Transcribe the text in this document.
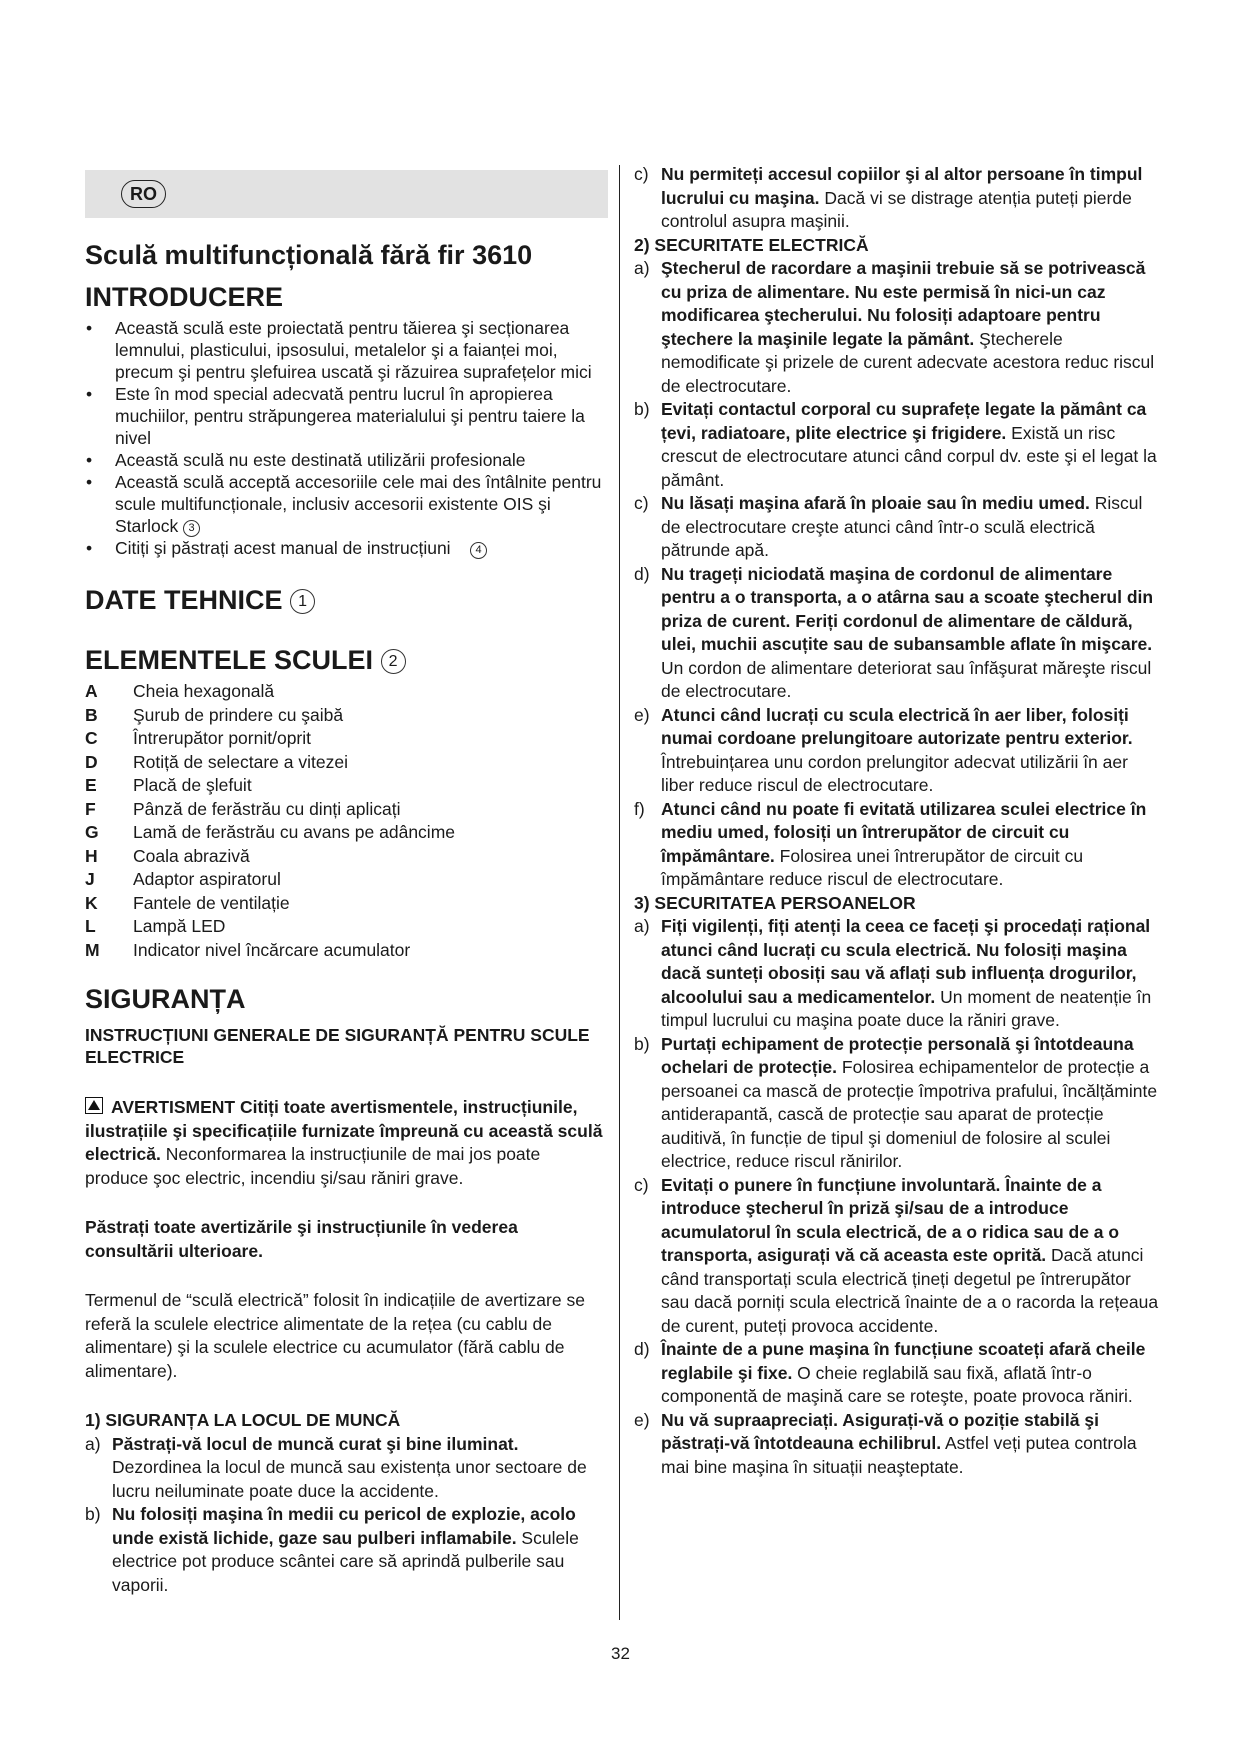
RO
Sculă multifuncțională fără fir 3610
INTRODUCERE
• Această sculă este proiectată pentru tăierea şi secționarea lemnului, plasticului, ipsosului, metalelor şi a faianței moi, precum şi pentru şlefuirea uscată şi răzuirea suprafețelor mici
• Este în mod special adecvată pentru lucrul în apropierea muchiilor, pentru străpungerea materialului şi pentru taiere la nivel
• Această sculă nu este destinată utilizării profesionale
• Această sculă acceptă accesoriile cele mai des întâlnite pentru scule multifuncționale, inclusiv accesorii existente OIS şi Starlock 3
• Citiți şi păstrați acest manual de instrucțiuni 4
DATE TEHNICE 1
ELEMENTELE SCULEI 2
A	Cheia hexagonală
B	Şurub de prindere cu şaibă
C	Întrerupător pornit/oprit
D	Rotiță de selectare a vitezei
E	Placă de şlefuit
F	Pânză de ferăstrău cu dinți aplicați
G	Lamă de ferăstrău cu avans pe adâncime
H	Coala abrazivă
J	Adaptor aspiratorul
K	Fantele de ventilație
L	Lampă LED
M	Indicator nivel încărcare acumulator
SIGURANȚA
INSTRUCȚIUNI GENERALE DE SIGURANȚĂ PENTRU SCULE ELECTRICE

AVERTISMENT Citiți toate avertismentele, instrucțiunile, ilustrațiile şi specificațiile furnizate împreună cu această sculă electrică. Neconformarea la instrucțiunile de mai jos poate produce şoc electric, incendiu şi/sau răniri grave.

Păstrați toate avertizările şi instrucțiunile în vederea consultării ulterioare.

Termenul de “sculă electrică” folosit în indicațiile de avertizare se referă la sculele electrice alimentate de la rețea (cu cablu de alimentare) şi la sculele electrice cu acumulator (fără cablu de alimentare).

1) SIGURANȚA LA LOCUL DE MUNCĂ
a) Păstrați-vă locul de muncă curat şi bine iluminat. Dezordinea la locul de muncă sau existența unor sectoare de lucru neiluminate poate duce la accidente.
b) Nu folosiți maşina în medii cu pericol de explozie, acolo unde există lichide, gaze sau pulberi inflamabile. Sculele electrice pot produce scântei care să aprindă pulberile sau vaporii.
c) Nu permiteți accesul copiilor şi al altor persoane în timpul lucrului cu maşina. Dacă vi se distrage atenția puteți pierde controlul asupra maşinii.
2) SECURITATE ELECTRICĂ
a) Ştecherul de racordare a maşinii trebuie să se potrivească cu priza de alimentare. Nu este permisă în nici-un caz modificarea ştecherului. Nu folosiți adaptoare pentru ştechere la maşinile legate la pământ. Ştecherele nemodificate şi prizele de curent adecvate acestora reduc riscul de electrocutare.
b) Evitați contactul corporal cu suprafețe legate la pământ ca țevi, radiatoare, plite electrice şi frigidere. Există un risc crescut de electrocutare atunci când corpul dv. este şi el legat la pământ.
c) Nu lăsați maşina afară în ploaie sau în mediu umed. Riscul de electrocutare creşte atunci când într-o sculă electrică pătrunde apă.
d) Nu trageți niciodată maşina de cordonul de alimentare pentru a o transporta, a o atârna sau a scoate ştecherul din priza de curent. Feriți cordonul de alimentare de căldură, ulei, muchii ascuțite sau de subansamble aflate în mişcare. Un cordon de alimentare deteriorat sau înfăşurat măreşte riscul de electrocutare.
e) Atunci când lucrați cu scula electrică în aer liber, folosiți numai cordoane prelungitoare autorizate pentru exterior. Întrebuințarea unu cordon prelungitor adecvat utilizării în aer liber reduce riscul de electrocutare.
f) Atunci când nu poate fi evitată utilizarea sculei electrice în mediu umed, folosiți un întrerupător de circuit cu împământare. Folosirea unei întrerupător de circuit cu împământare reduce riscul de electrocutare.
3) SECURITATEA PERSOANELOR
a) Fiți vigilenți, fiți atenți la ceea ce faceți şi procedați rațional atunci când lucrați cu scula electrică. Nu folosiți maşina dacă sunteți obosiți sau vă aflați sub influența drogurilor, alcoolului sau a medicamentelor. Un moment de neatenție în timpul lucrului cu maşina poate duce la răniri grave.
b) Purtați echipament de protecție personală şi întotdeauna ochelari de protecție. Folosirea echipamentelor de protecție a persoanei ca mască de protecție împotriva prafului, încălțăminte antiderapantă, cască de protecție sau aparat de protecție auditivă, în funcție de tipul şi domeniul de folosire al sculei electrice, reduce riscul rănirilor.
c) Evitați o punere în funcțiune involuntară. Înainte de a introduce ştecherul în priză şi/sau de a introduce acumulatorul în scula electrică, de a o ridica sau de a o transporta, asigurați vă că aceasta este oprită. Dacă atunci când transportați scula electrică țineți degetul pe întrerupător sau dacă porniți scula electrică înainte de a o racorda la rețeaua de curent, puteți provoca accidente.
d) Înainte de a pune maşina în funcțiune scoateți afară cheile reglabile şi fixe. O cheie reglabilă sau fixă, aflată într-o componentă de maşină care se roteşte, poate provoca răniri.
e) Nu vă supraapreciați. Asigurați-vă o poziție stabilă şi păstrați-vă întotdeauna echilibrul. Astfel veți putea controla mai bine maşina în situații neaşteptate.
32
